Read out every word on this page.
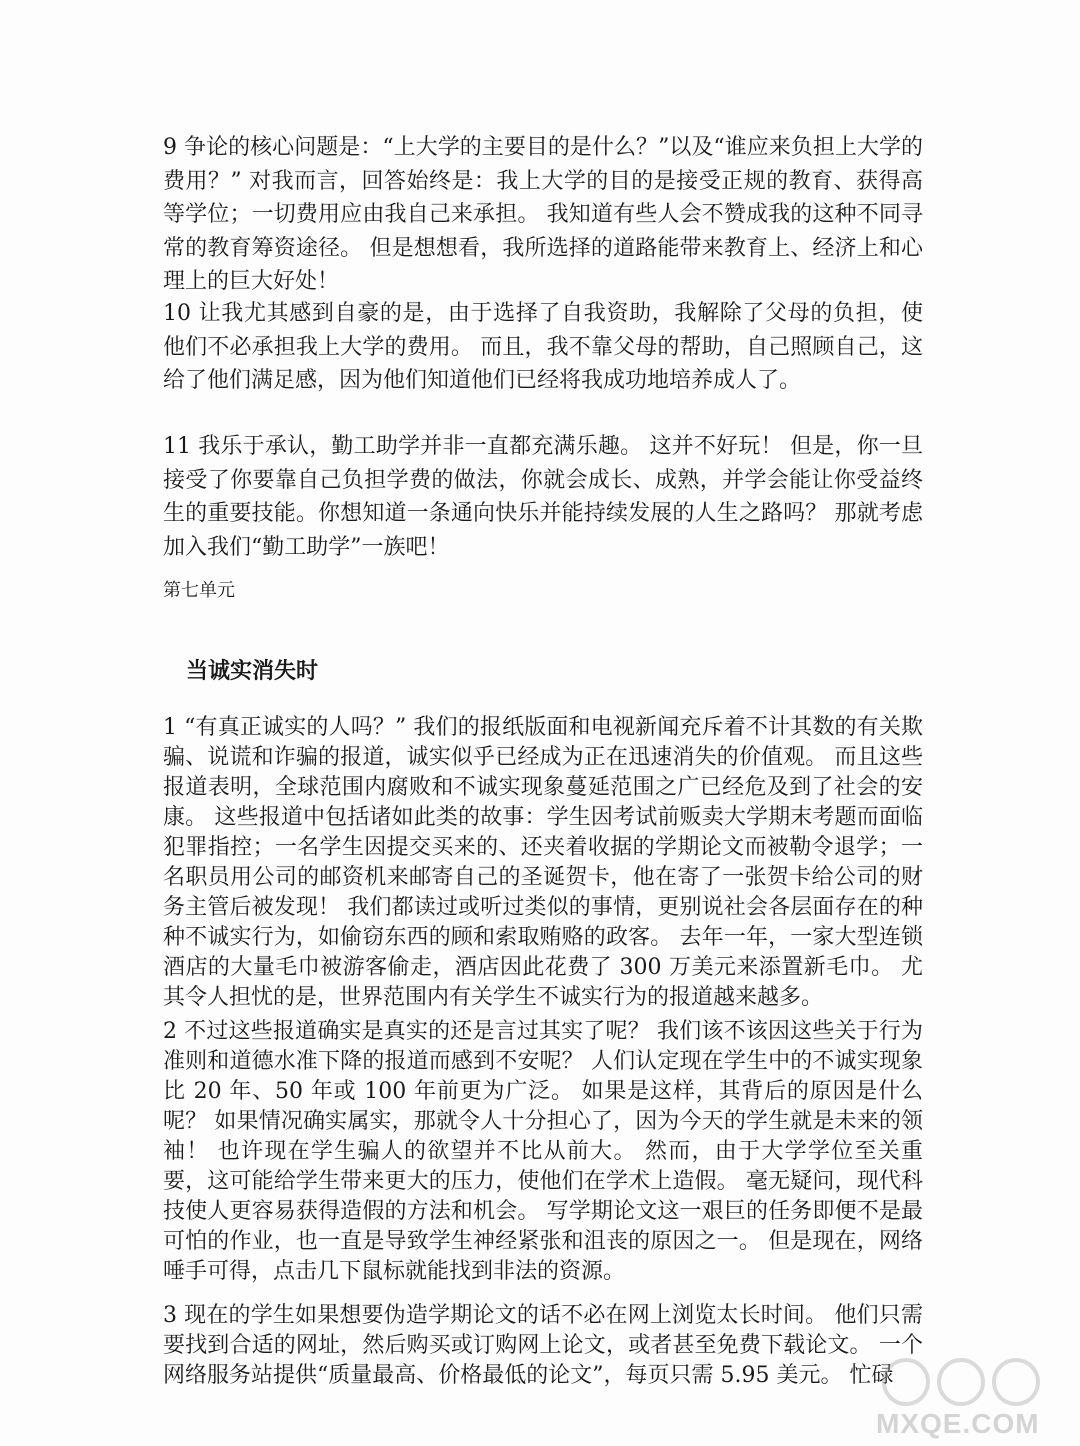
9 争论的核心问题是：“上大学的主要目的是什么？”以及“谁应来负担上大学的费用？” 对我而言，回答始终是：我上大学的目的是接受正规的教育、获得高等学位；一切费用应由我自己来承担。 我知道有些人会不赞成我的这种不同寻常的教育筹资途径。 但是想想看，我所选择的道路能带来教育上、经济上和心理上的巨大好处！

10 让我尤其感到自豪的是，由于选择了自我资助，我解除了父母的负担，使他们不必承担我上大学的费用。 而且，我不靠父母的帮助，自己照顾自己，这给了他们满足感，因为他们知道他们已经将我成功地培养成人了。

11 我乐于承认，勤工助学并非一直都充满乐趣。 这并不好玩！ 但是，你一旦接受了你要靠自己负担学费的做法，你就会成长、成熟，并学会能让你受益终生的重要技能。你想知道一条通向快乐并能持续发展的人生之路吗？ 那就考虑加入我们“勤工助学”一族吧！

第七单元

当诚实消失时

1 “有真正诚实的人吗？” 我们的报纸版面和电视新闻充斥着不计其数的有关欺骗、说谎和诈骗的报道，诚实似乎已经成为正在迅速消失的价值观。 而且这些报道表明，全球范围内腐败和不诚实现象蔓延范围之广已经危及到了社会的安康。 这些报道中包括诸如此类的故事：学生因考试前贩卖大学期末考题而面临犯罪指控；一名学生因提交买来的、还夹着收据的学期论文而被勒令退学；一名职员用公司的邮资机来邮寄自己的圣诞贺卡，他在寄了一张贺卡给公司的财务主管后被发现！ 我们都读过或听过类似的事情，更别说社会各层面存在的种种不诚实行为，如偷窃东西的顾和索取贿赂的政客。 去年一年，一家大型连锁酒店的大量毛巾被游客偷走，酒店因此花费了 300 万美元来添置新毛巾。 尤其令人担忧的是，世界范围内有关学生不诚实行为的报道越来越多。

2 不过这些报道确实是真实的还是言过其实了呢？ 我们该不该因这些关于行为准则和道德水准下降的报道而感到不安呢？ 人们认定现在学生中的不诚实现象比 20 年、50 年或 100 年前更为广泛。 如果是这样，其背后的原因是什么呢？ 如果情况确实属实，那就令人十分担心了，因为今天的学生就是未来的领袖！ 也许现在学生骗人的欲望并不比从前大。 然而，由于大学学位至关重要，这可能给学生带来更大的压力，使他们在学术上造假。 毫无疑问，现代科技使人更容易获得造假的方法和机会。 写学期论文这一艰巨的任务即便不是最可怕的作业，也一直是导致学生神经紧张和沮丧的原因之一。 但是现在，网络唾手可得，点击几下鼠标就能找到非法的资源。

3 现在的学生如果想要伪造学期论文的话不必在网上浏览太长时间。 他们只需要找到合适的网址，然后购买或订购网上论文，或者甚至免费下载论文。 一个网络服务站提供“质量最高、价格最低的论文”，每页只需 5.95 美元。 忙碌

MXQE.COM
